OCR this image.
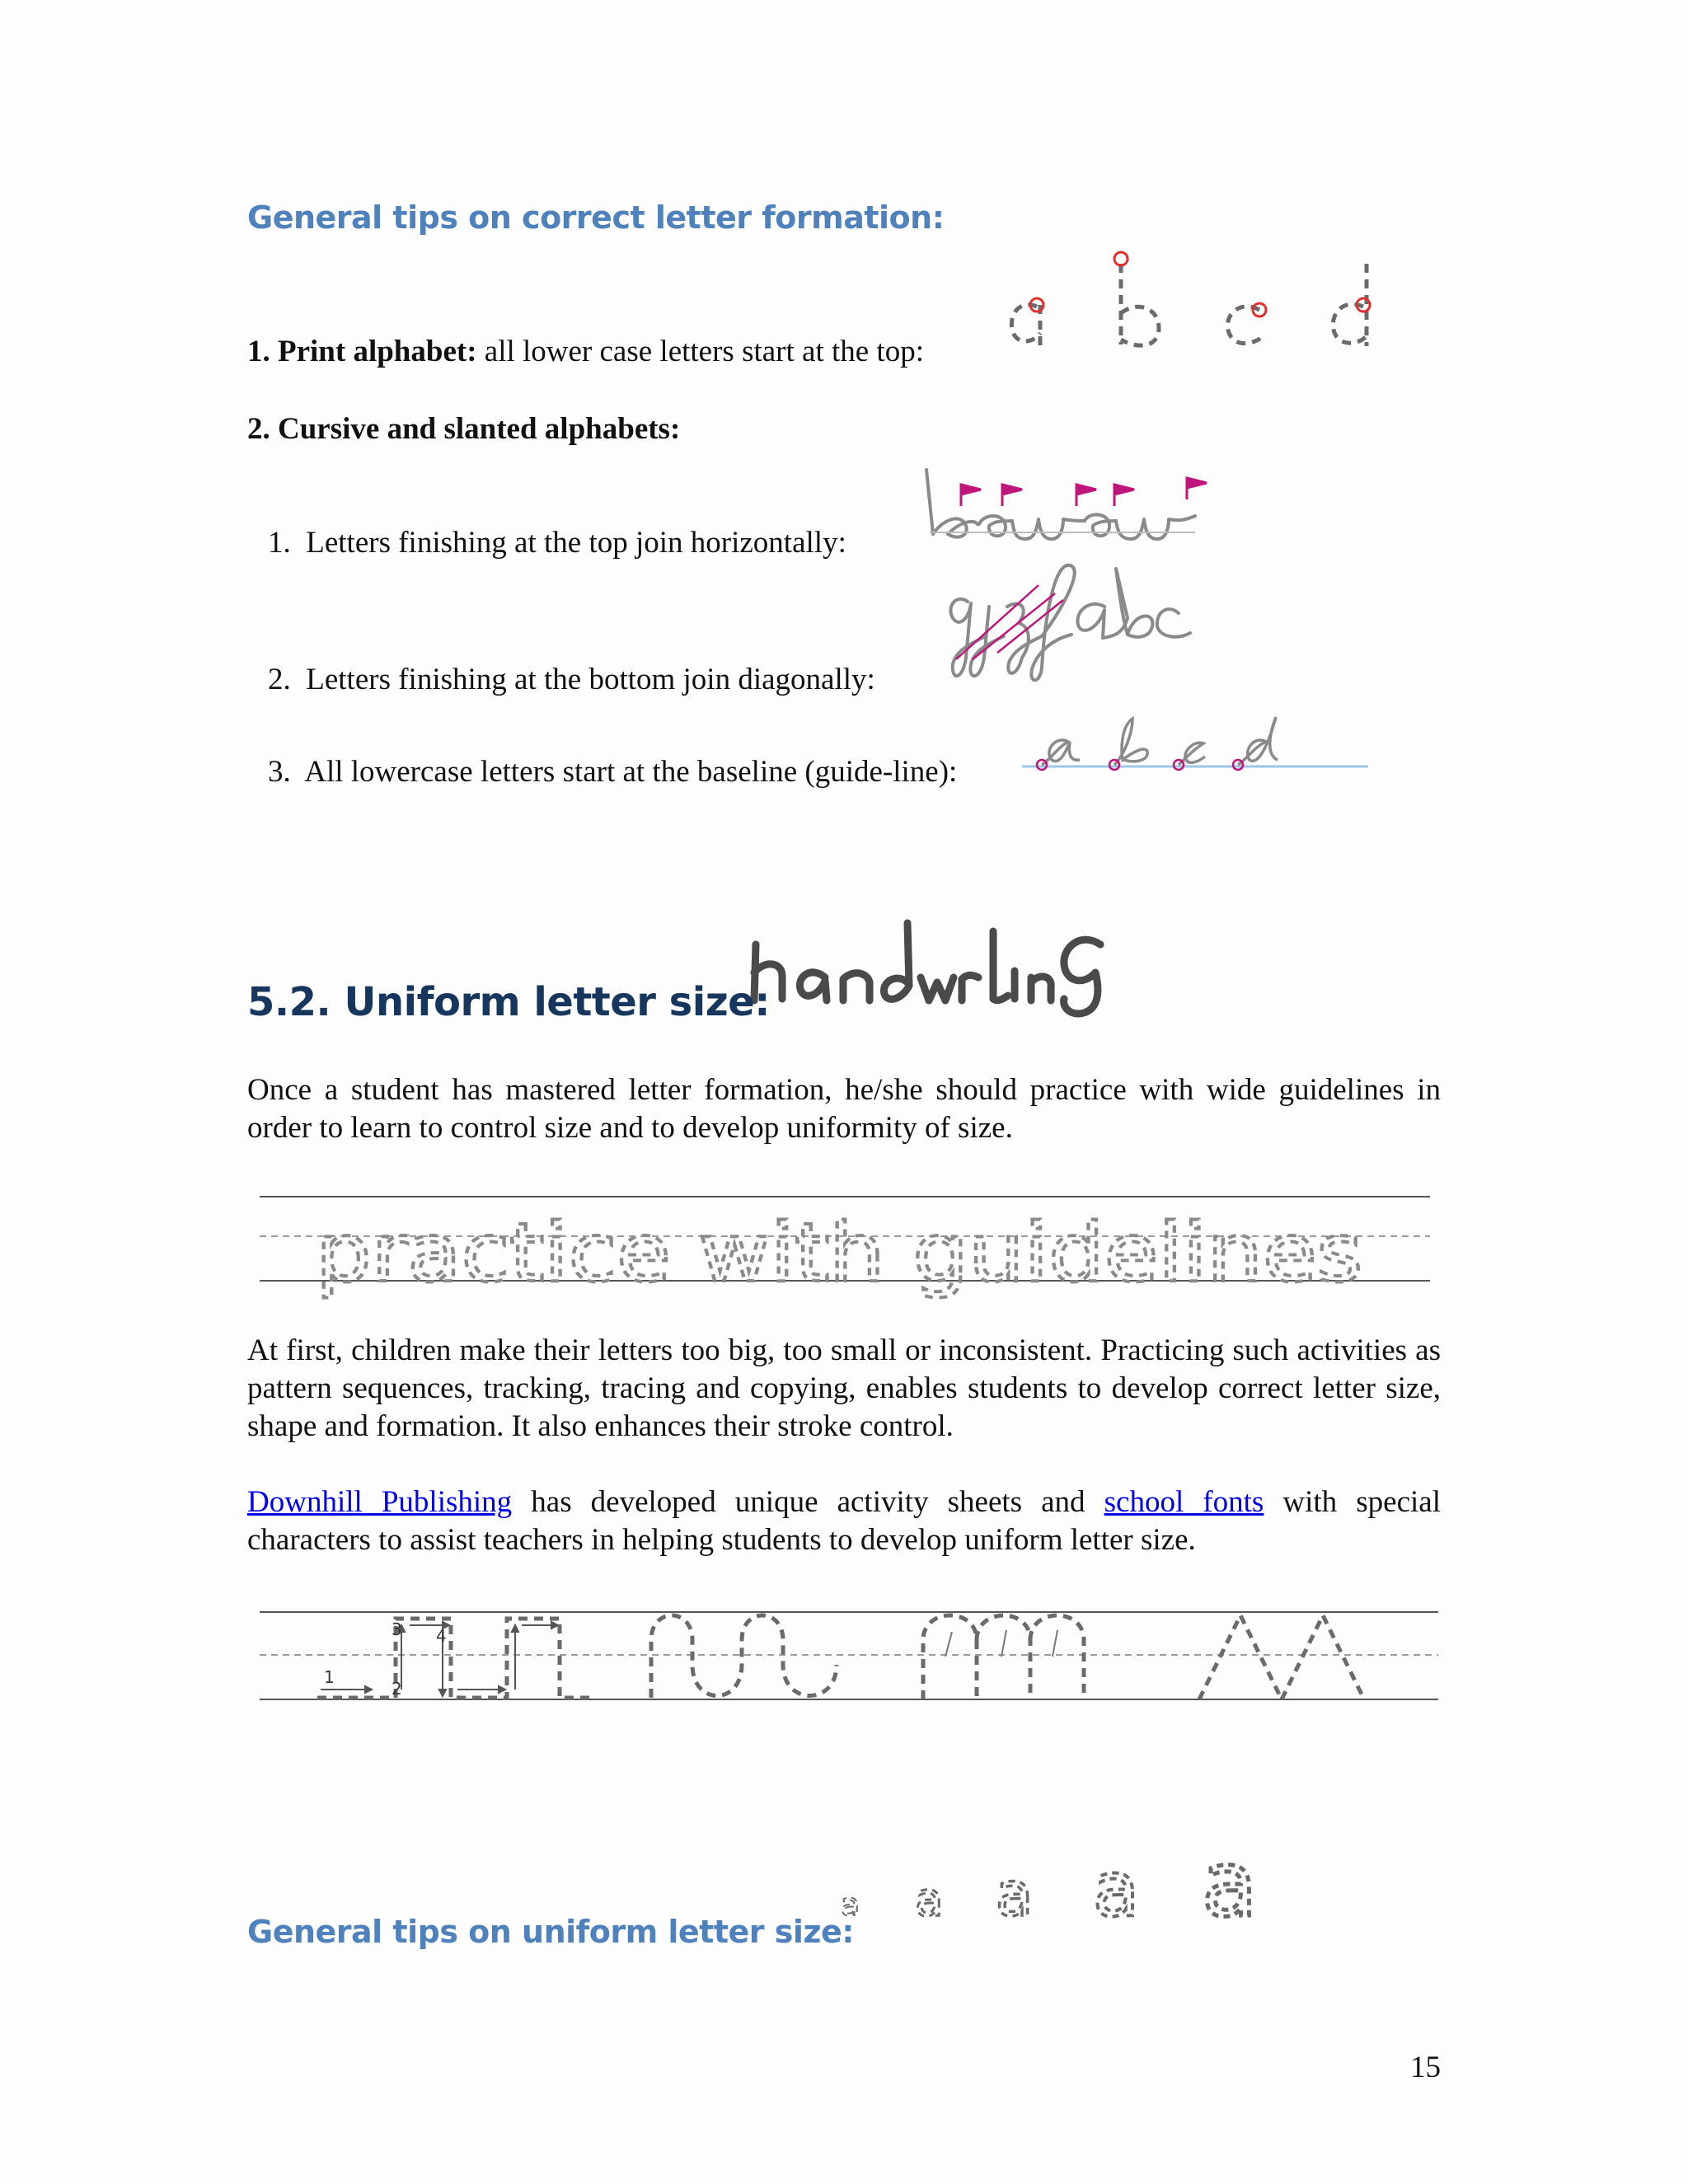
General tips on correct letter formation:
1. Print alphabet: all lower case letters start at the top:
2. Cursive and slanted alphabets:
1. Letters finishing at the top join horizontally:
2. Letters finishing at the bottom join diagonally:
3. All lowercase letters start at the baseline (guide-line):
5.2. Uniform letter size:
Once a student has mastered letter formation, he/she should practice with wide guidelines in order to learn to control size and to develop uniformity of size.
practice with guidelines
At first, children make their letters too big, too small or inconsistent. Practicing such activities as pattern sequences, tracking, tracing and copying, enables students to develop correct letter size, shape and formation. It also enhances their stroke control.
Downhill Publishing has developed unique activity sheets and school fonts with special characters to assist teachers in helping students to develop uniform letter size.
1
3 4
2
a a a a a
General tips on uniform letter size:
15
